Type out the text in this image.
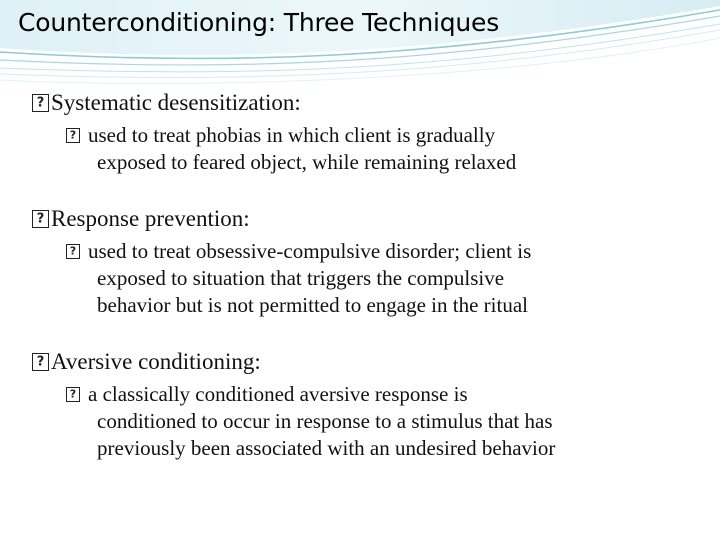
Counterconditioning: Three Techniques
? Systematic desensitization:
? used to treat phobias in which client is gradually
exposed to feared object, while remaining relaxed
? Response prevention:
? used to treat obsessive-compulsive disorder; client is
exposed to situation that triggers the compulsive
behavior but is not permitted to engage in the ritual
? Aversive conditioning:
? a classically conditioned aversive response is
conditioned to occur in response to a stimulus that has
previously been associated with an undesired behavior
